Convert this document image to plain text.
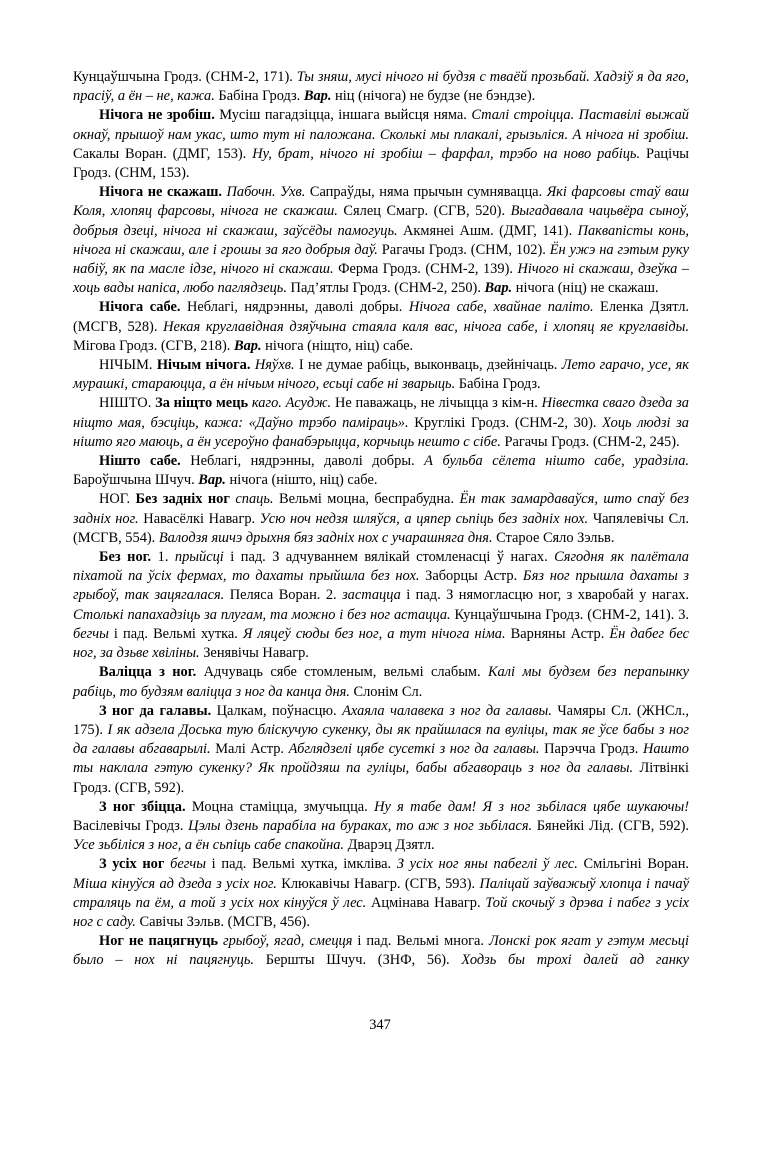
Кунцаўшчына Гродз. (СНМ-2, 171). Ты зняш, мусі нічого ні будзя с тваёй прозьбай. Хадзіў я да яго, прасіў, а ён – не, кажа. Бабіна Гродз. Вар. ніц (нічога) не будзе (не бэндзе).

Нічога не зробіш. Мусіш пагадзіцца, іншага выйсця няма. Сталі строіцца. Паставілі выжай окнаў, прышоў нам укас, што тут ні паложана. Сколькі мы плакалі, грызьліся. А нічога ні зробіш. Сакалы Воран. (ДМГ, 153). Ну, брат, нічого ні зробіш – фарфал, трэбо на ново рабіць. Рацічы Гродз. (СНМ, 153).

Нічога не скажаш. Пабочн. Ухв. Сапраўды, няма прычын сумнявацца. Які фарсовы стаў ваш Коля, хлопяц фарсовы, нічога не скажаш. Сялец Смагр. (СГВ, 520). Выгадавала чацьвёра сыноў, добрыя дзеці, нічога ні скажаш, заўсёды памогуць. Акмянеі Ашм. (ДМГ, 141). Паквапісты конь, нічога ні скажаш, але і грошы за яго добрыя даў. Рагачы Гродз. (СНМ, 102). Ён ужэ на гэтым руку набіў, як па масле ідзе, нічого ні скажаш. Ферма Гродз. (СНМ-2, 139). Нічого ні скажаш, дзеўка – хоць вады напіса, любо паглядзець. Пад’ятлы Гродз. (СНМ-2, 250). Вар. нічога (ніц) не скажаш.

Нічога сабе. Неблагі, нядрэнны, даволі добры. Нічога сабе, хвайнае паліто. Еленка Дзятл. (МСГВ, 528). Некая круглавідная дзяўчына стаяла каля вас, нічога сабе, і хлопяц яе круглавіды. Мігова Гродз. (СГВ, 218). Вар. нічога (ніщто, ніц) сабе.

НІЧЫМ. Нічым нічога. Няўхв. І не думае рабіць, выконваць, дзейнічаць. Лето гарачо, усе, як мурашкі, стараюцца, а ён нічым нічого, есьці сабе ні зварыць. Бабіна Гродз.

НІШТО. За ніщто мець каго. Асудж. Не паважаць, не лічыцца з кім-н. Нівестка сваго дзеда за ніщто мая, бэсціць, кажа: «Даўно трэбо паміраць». Круглікі Гродз. (СНМ-2, 30). Хоць людзі за нішто яго маюць, а ён усероўно фанабэрыцца, корчыць нешто с сібе. Рагачы Гродз. (СНМ-2, 245).

Нішто сабе. Неблагі, нядрэнны, даволі добры. А бульба сёлета нішто сабе, урадзіла. Бароўшчына Шчуч. Вар. нічога (нішто, ніц) сабе.

НОГ. Без задніх ног спаць. Вельмі моцна, беспрабудна. Ён так замардаваўся, што спаў без задніх ног. Навасёлкі Навагр. Усю ноч недзя шляўся, а цяпер сьпіць без задніх нох. Чапялевічы Сл. (МСГВ, 554). Валодзя яшчэ дрыхня бяз задніх нох с учарашняга дня. Старое Сяло Зэльв.

Без ног. 1. прыйсці і пад. З адчуваннем вялікай стомленасці ў нагах. Сягодня як палётала піхатой па ўсіх фермах, то дахаты прыйшла без нох. Заборцы Астр. Бяз ног прышла дахаты з грыбоў, так зацягалася. Пеляса Воран. 2. застацца і пад. З нямоглаcцю ног, з хваробай у нагах. Столькі папахадзіць за плугам, та можно і без ног астацца. Кунцаўшчына Гродз. (СНМ-2, 141). 3. бегчы і пад. Вельмі хутка. Я ляцеў сюды без ног, а тут нічога німа. Варняны Астр. Ён дабег бес ног, за дзьве хвіліны. Зенявічы Навагр.

Валіцца з ног. Адчуваць сябе стомленым, вельмі слабым. Калі мы будзем без перапынку рабіць, то будзям валіцца з ног да канца дня. Слонім Сл.

З ног да галавы. Цалкам, поўнасцю. Ахаяла чалавека з ног да галавы. Чамяры Сл. (ЖНСл., 175). І як адзела Доська тую бліскучую сукенку, ды як прайшлася па вуліцы, так яе ўсе бабы з ног да галавы абгаварылі. Малі Астр. Абглядзелі цябе сусеткі з ног да галавы. Парэчча Гродз. Нашто ты наклала гэтую сукенку? Як пройдзяш па гуліцы, бабы абгавораць з ног да галавы. Літвінкі Гродз. (СГВ, 592).

З ног збіцца. Моцна стаміцца, змучыцца. Ну я табе дам! Я з ног зьбілася цябе шукаючы! Васілевічы Гродз. Цэлы дзень парабіла на бураках, то аж з ног зьбілася. Бянейкі Лід. (СГВ, 592). Усе зьбіліся з ног, а ён сьпіць сабе спакойна. Дварэц Дзятл.

З усіх ног бегчы і пад. Вельмі хутка, імкліва. З усіх ног яны пабеглі ў лес. Смільгіні Воран. Міша кінуўся ад дзеда з усіх ног. Клюкавічы Навагр. (СГВ, 593). Паліцай заўважыў хлопца і пачаў страляць па ём, а той з усіх нох кінуўся ў лес. Ацмінава Навагр. Той скочыў з дрэва і пабег з усіх ног с саду. Савічы Зэльв. (МСГВ, 456).

Ног не пацягнуць грыбоў, ягад, смецця і пад. Вельмі многа. Лонскі рок ягат у гэтум месьці было – нох ні пацягнуць. Бершты Шчуч. (ЗНФ, 56). Ходзь бы трохі далей ад ганку

347
